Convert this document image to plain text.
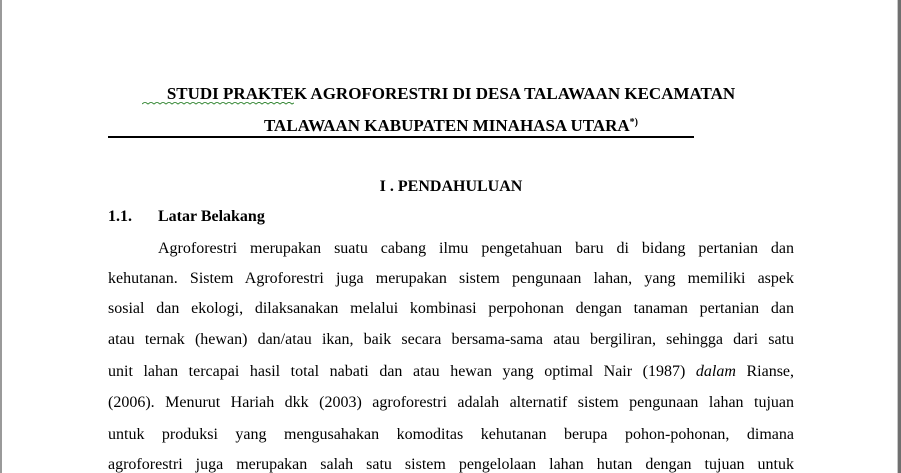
STUDI PRAKTEK AGROFORESTRI DI DESA TALAWAAN KECAMATAN
TALAWAAN KABUPATEN MINAHASA UTARA*)
I . PENDAHULUAN
1.1. Latar Belakang
Agroforestri merupakan suatu cabang ilmu pengetahuan baru di bidang pertanian dan
kehutanan. Sistem Agroforestri juga merupakan sistem pengunaan lahan, yang memiliki aspek
sosial dan ekologi, dilaksanakan melalui kombinasi perpohonan dengan tanaman pertanian dan
atau ternak (hewan) dan/atau ikan, baik secara bersama-sama atau bergiliran, sehingga dari satu
unit lahan tercapai hasil total nabati dan atau hewan yang optimal Nair (1987) dalam Rianse,
(2006). Menurut Hariah dkk (2003) agroforestri adalah alternatif sistem pengunaan lahan tujuan
untuk produksi yang mengusahakan komoditas kehutanan berupa pohon-pohonan, dimana
agroforestri juga merupakan salah satu sistem pengelolaan lahan hutan dengan tujuan untuk
